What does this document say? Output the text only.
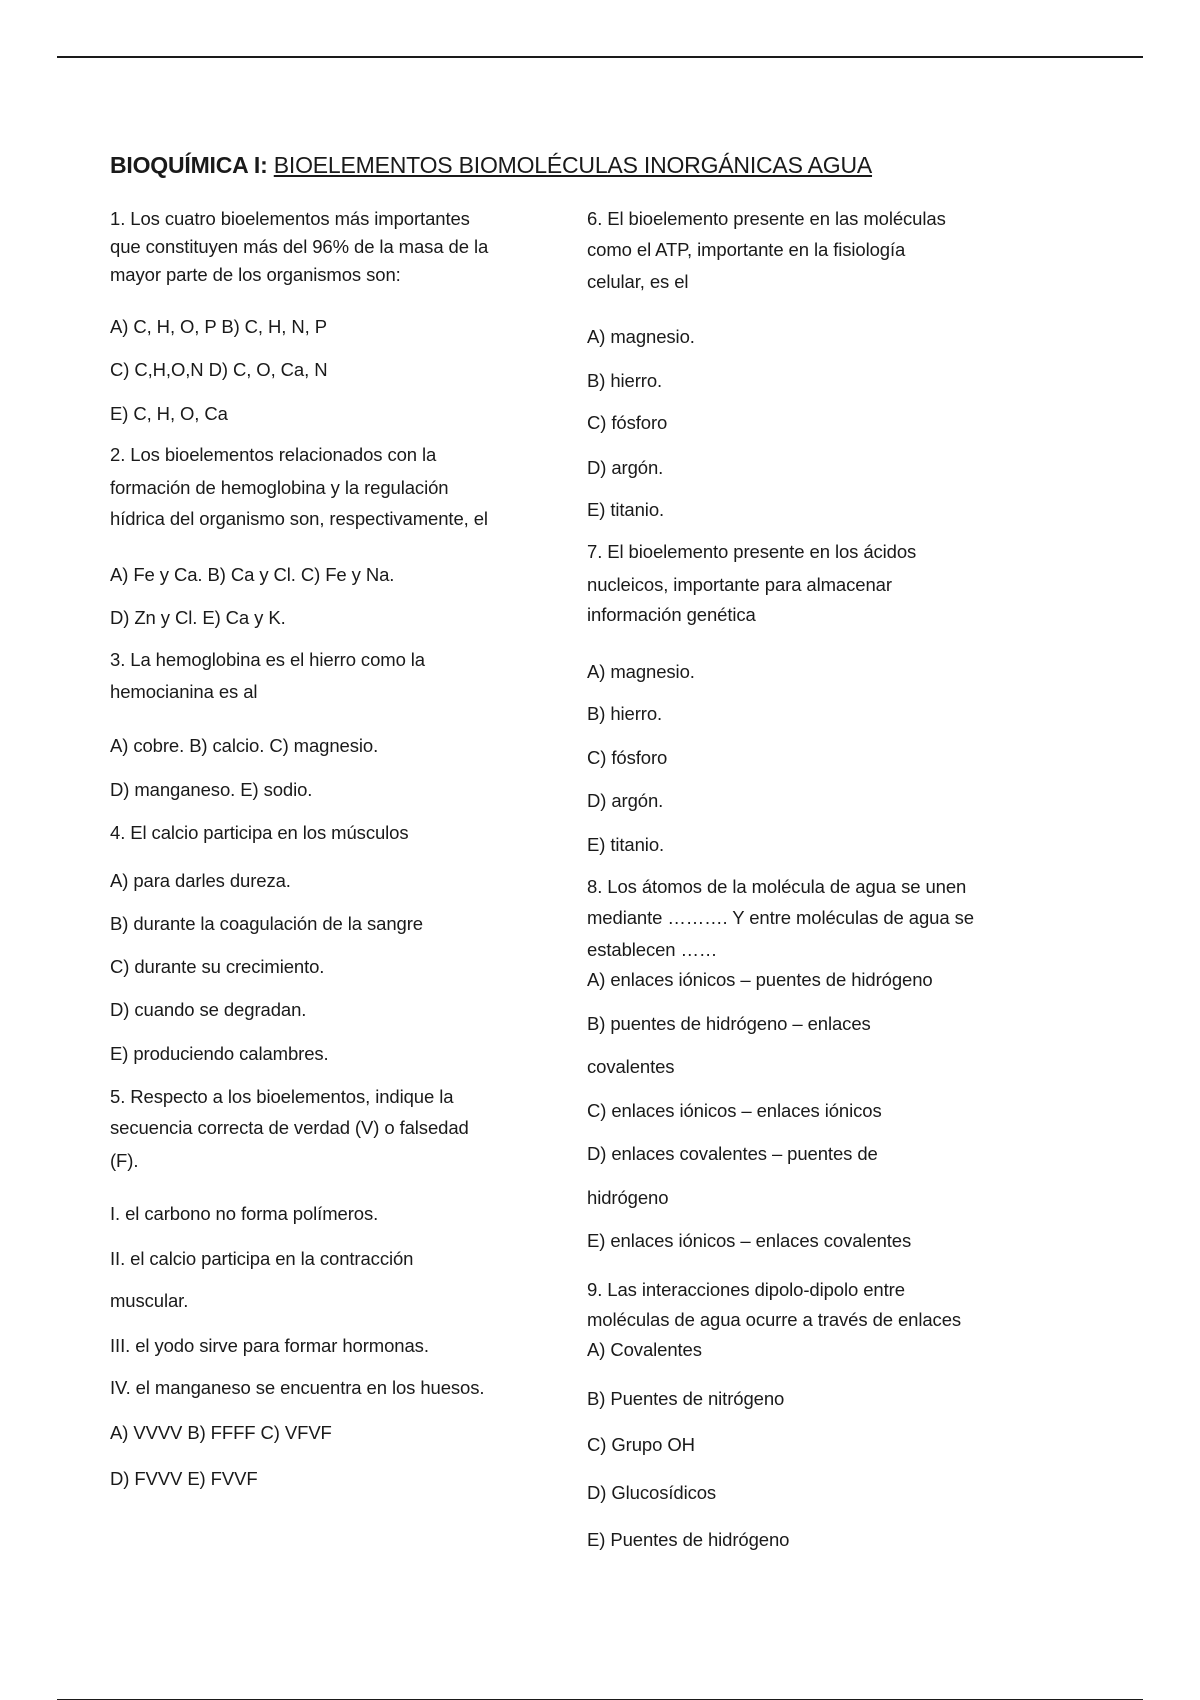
BIOQUÍMICA I: BIOELEMENTOS BIOMOLÉCULAS INORGÁNICAS AGUA
1. Los cuatro bioelementos más importantes
que constituyen más del 96% de la masa de la
mayor parte de los organismos son:
A) C, H, O, P B) C, H, N, P
C) C,H,O,N D) C, O, Ca, N
E) C, H, O, Ca
2. Los bioelementos relacionados con la
formación de hemoglobina y la regulación
hídrica del organismo son, respectivamente, el
A) Fe y Ca. B) Ca y Cl. C) Fe y Na.
D) Zn y Cl. E) Ca y K.
3. La hemoglobina es el hierro como la
hemocianina es al
A) cobre. B) calcio. C) magnesio.
D) manganeso. E) sodio.
4. El calcio participa en los músculos
A) para darles dureza.
B) durante la coagulación de la sangre
C) durante su crecimiento.
D) cuando se degradan.
E) produciendo calambres.
5. Respecto a los bioelementos, indique la
secuencia correcta de verdad (V) o falsedad
(F).
I. el carbono no forma polímeros.
II. el calcio participa en la contracción
muscular.
III. el yodo sirve para formar hormonas.
IV. el manganeso se encuentra en los huesos.
A) VVVV B) FFFF C) VFVF
D) FVVV E) FVVF
6. El bioelemento presente en las moléculas
como el ATP, importante en la fisiología
celular, es el
A) magnesio.
B) hierro.
C) fósforo
D) argón.
E) titanio.
7. El bioelemento presente en los ácidos
nucleicos, importante para almacenar
información genética
A) magnesio.
B) hierro.
C) fósforo
D) argón.
E) titanio.
8. Los átomos de la molécula de agua se unen
mediante ………. Y entre moléculas de agua se
establecen ……
A) enlaces iónicos – puentes de hidrógeno
B) puentes de hidrógeno – enlaces
covalentes
C) enlaces iónicos – enlaces iónicos
D) enlaces covalentes – puentes de
hidrógeno
E) enlaces iónicos – enlaces covalentes
9. Las interacciones dipolo-dipolo entre
moléculas de agua ocurre a través de enlaces
A) Covalentes
B) Puentes de nitrógeno
C) Grupo OH
D) Glucosídicos
E) Puentes de hidrógeno
